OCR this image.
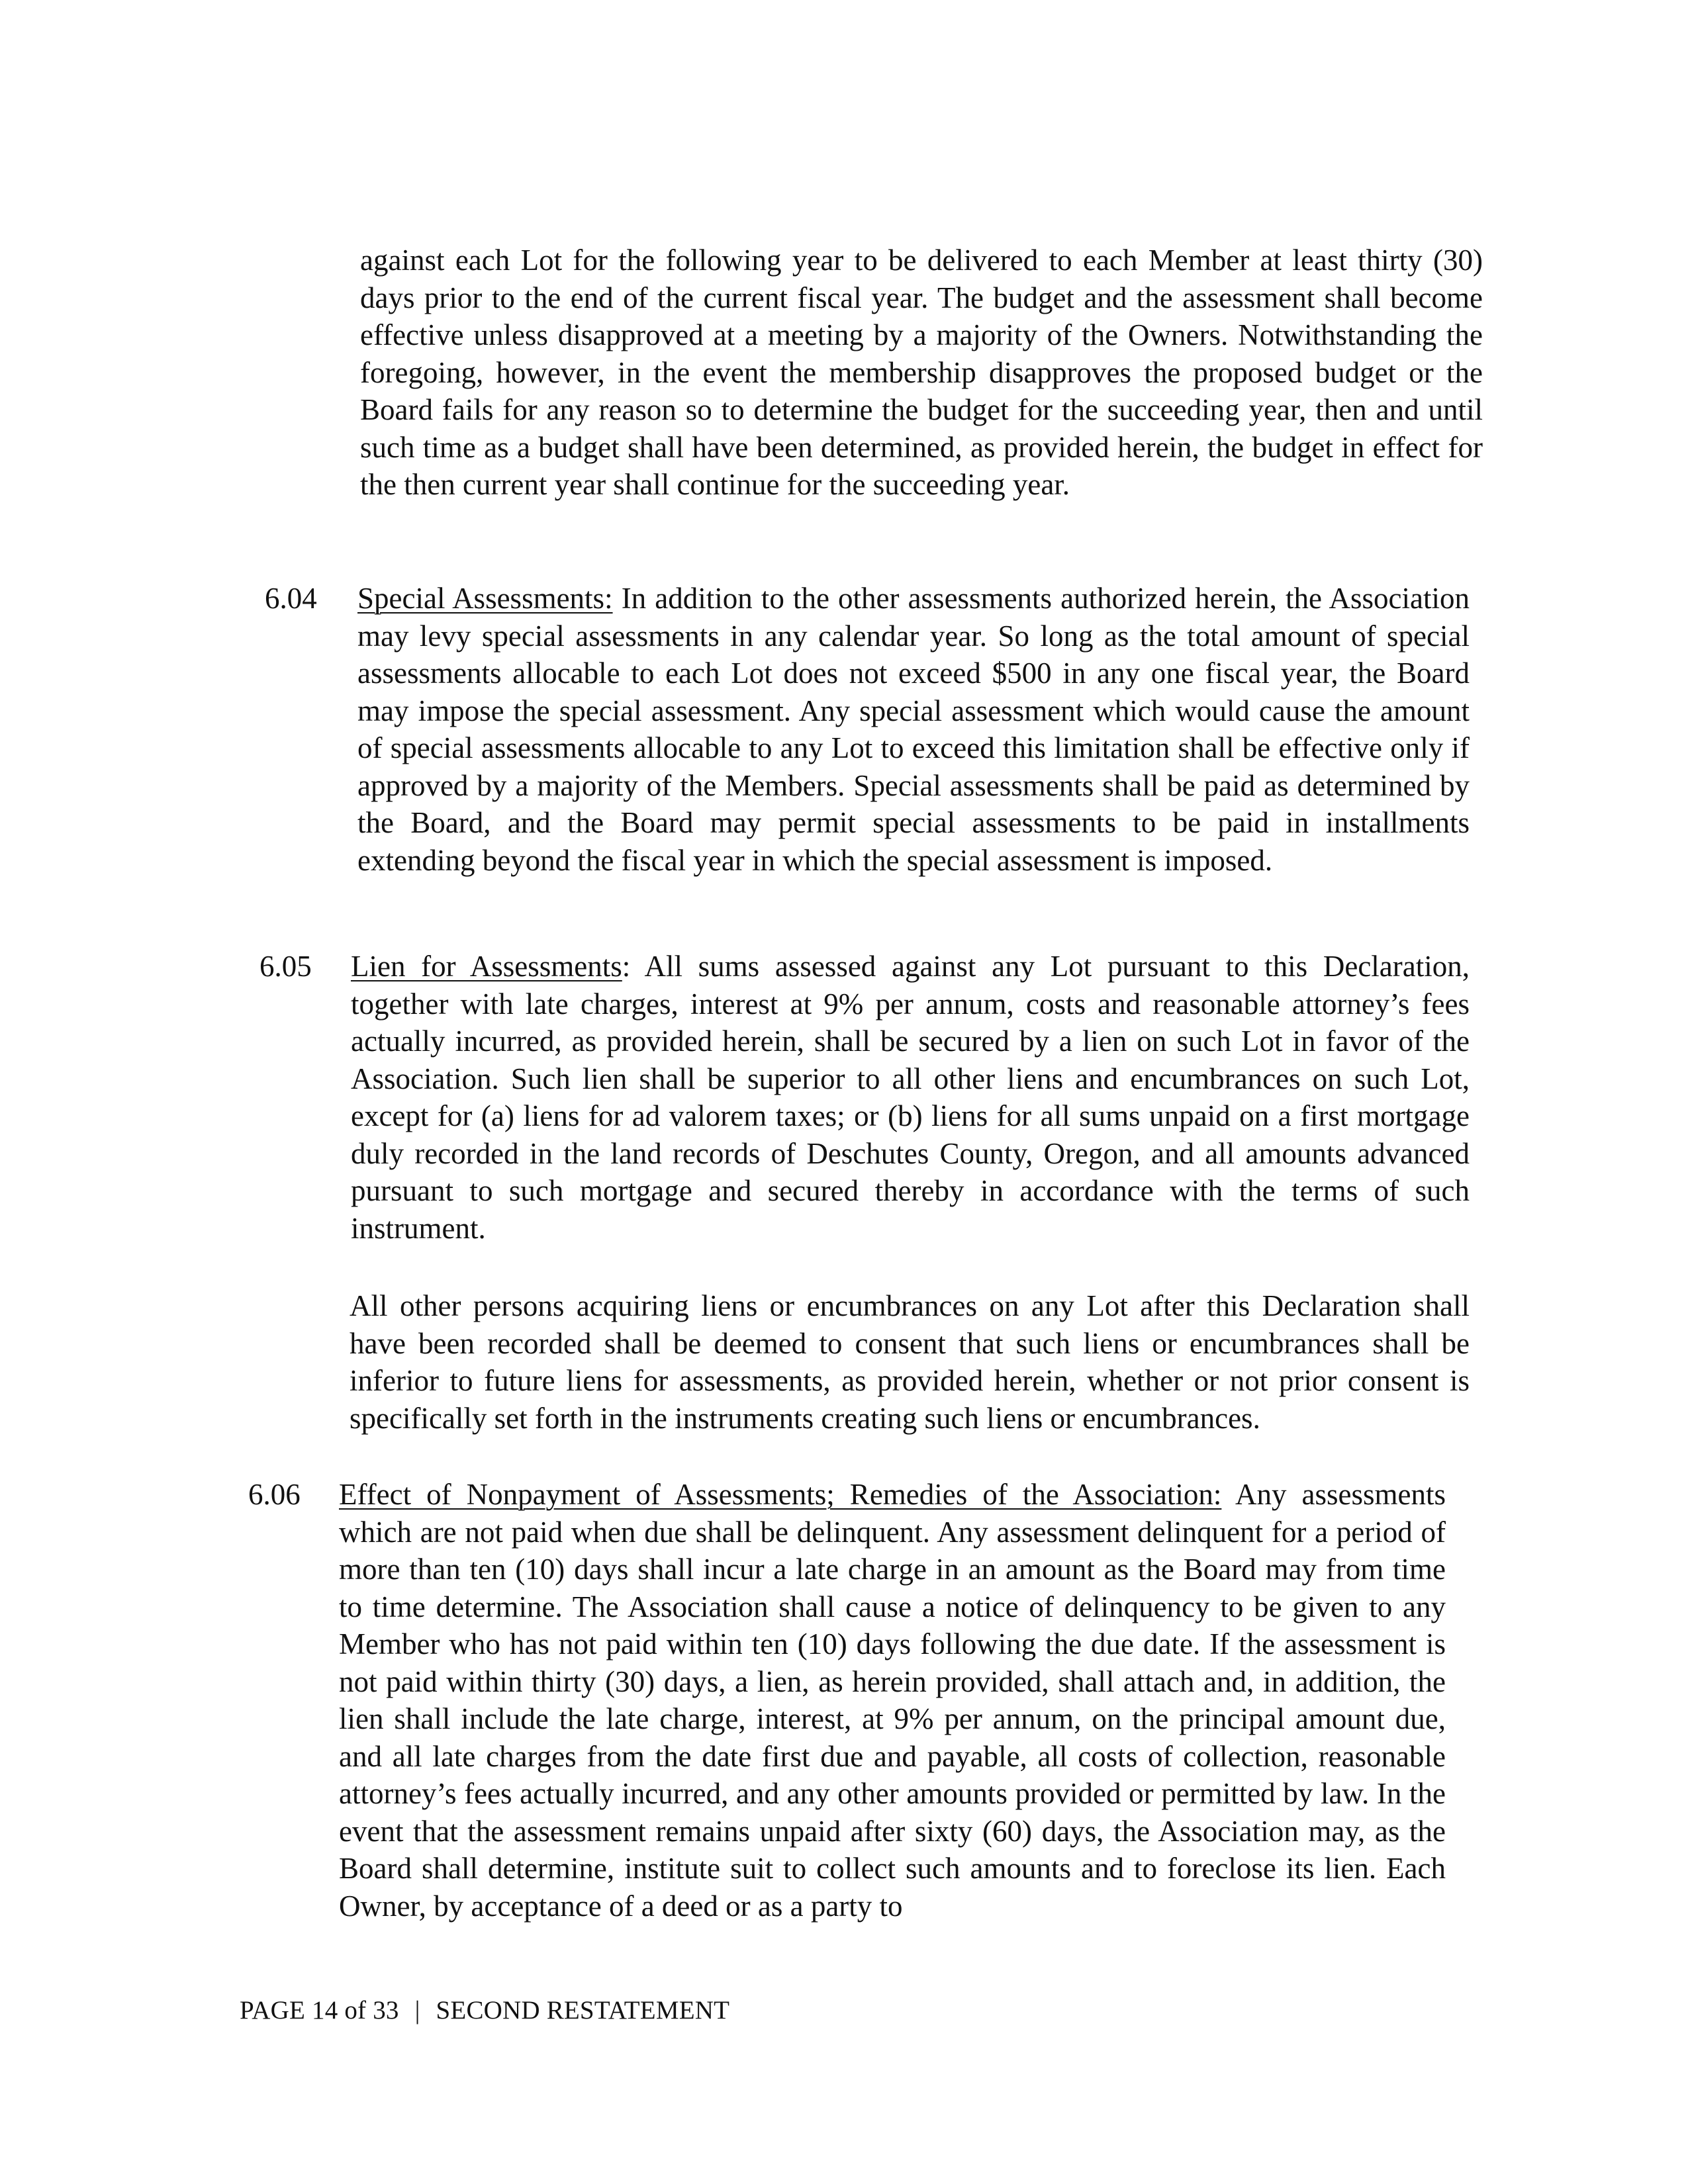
against each Lot for the following year to be delivered to each Member at least thirty (30) days prior to the end of the current fiscal year. The budget and the assessment shall become effective unless disapproved at a meeting by a majority of the Owners. Notwithstanding the foregoing, however, in the event the membership disapproves the proposed budget or the Board fails for any reason so to determine the budget for the succeeding year, then and until such time as a budget shall have been determined, as provided herein, the budget in effect for the then current year shall continue for the succeeding year.

6.04 Special Assessments: In addition to the other assessments authorized herein, the Association may levy special assessments in any calendar year. So long as the total amount of special assessments allocable to each Lot does not exceed $500 in any one fiscal year, the Board may impose the special assessment. Any special assessment which would cause the amount of special assessments allocable to any Lot to exceed this limitation shall be effective only if approved by a majority of the Members. Special assessments shall be paid as determined by the Board, and the Board may permit special assessments to be paid in installments extending beyond the fiscal year in which the special assessment is imposed.

6.05 Lien for Assessments: All sums assessed against any Lot pursuant to this Declaration, together with late charges, interest at 9% per annum, costs and reasonable attorney’s fees actually incurred, as provided herein, shall be secured by a lien on such Lot in favor of the Association. Such lien shall be superior to all other liens and encumbrances on such Lot, except for (a) liens for ad valorem taxes; or (b) liens for all sums unpaid on a first mortgage duly recorded in the land records of Deschutes County, Oregon, and all amounts advanced pursuant to such mortgage and secured thereby in accordance with the terms of such instrument.

All other persons acquiring liens or encumbrances on any Lot after this Declaration shall have been recorded shall be deemed to consent that such liens or encumbrances shall be inferior to future liens for assessments, as provided herein, whether or not prior consent is specifically set forth in the instruments creating such liens or encumbrances.

6.06 Effect of Nonpayment of Assessments; Remedies of the Association: Any assessments which are not paid when due shall be delinquent. Any assessment delinquent for a period of more than ten (10) days shall incur a late charge in an amount as the Board may from time to time determine. The Association shall cause a notice of delinquency to be given to any Member who has not paid within ten (10) days following the due date. If the assessment is not paid within thirty (30) days, a lien, as herein provided, shall attach and, in addition, the lien shall include the late charge, interest, at 9% per annum, on the principal amount due, and all late charges from the date first due and payable, all costs of collection, reasonable attorney’s fees actually incurred, and any other amounts provided or permitted by law. In the event that the assessment remains unpaid after sixty (60) days, the Association may, as the Board shall determine, institute suit to collect such amounts and to foreclose its lien. Each Owner, by acceptance of a deed or as a party to

PAGE 14 of 33 | SECOND RESTATEMENT
